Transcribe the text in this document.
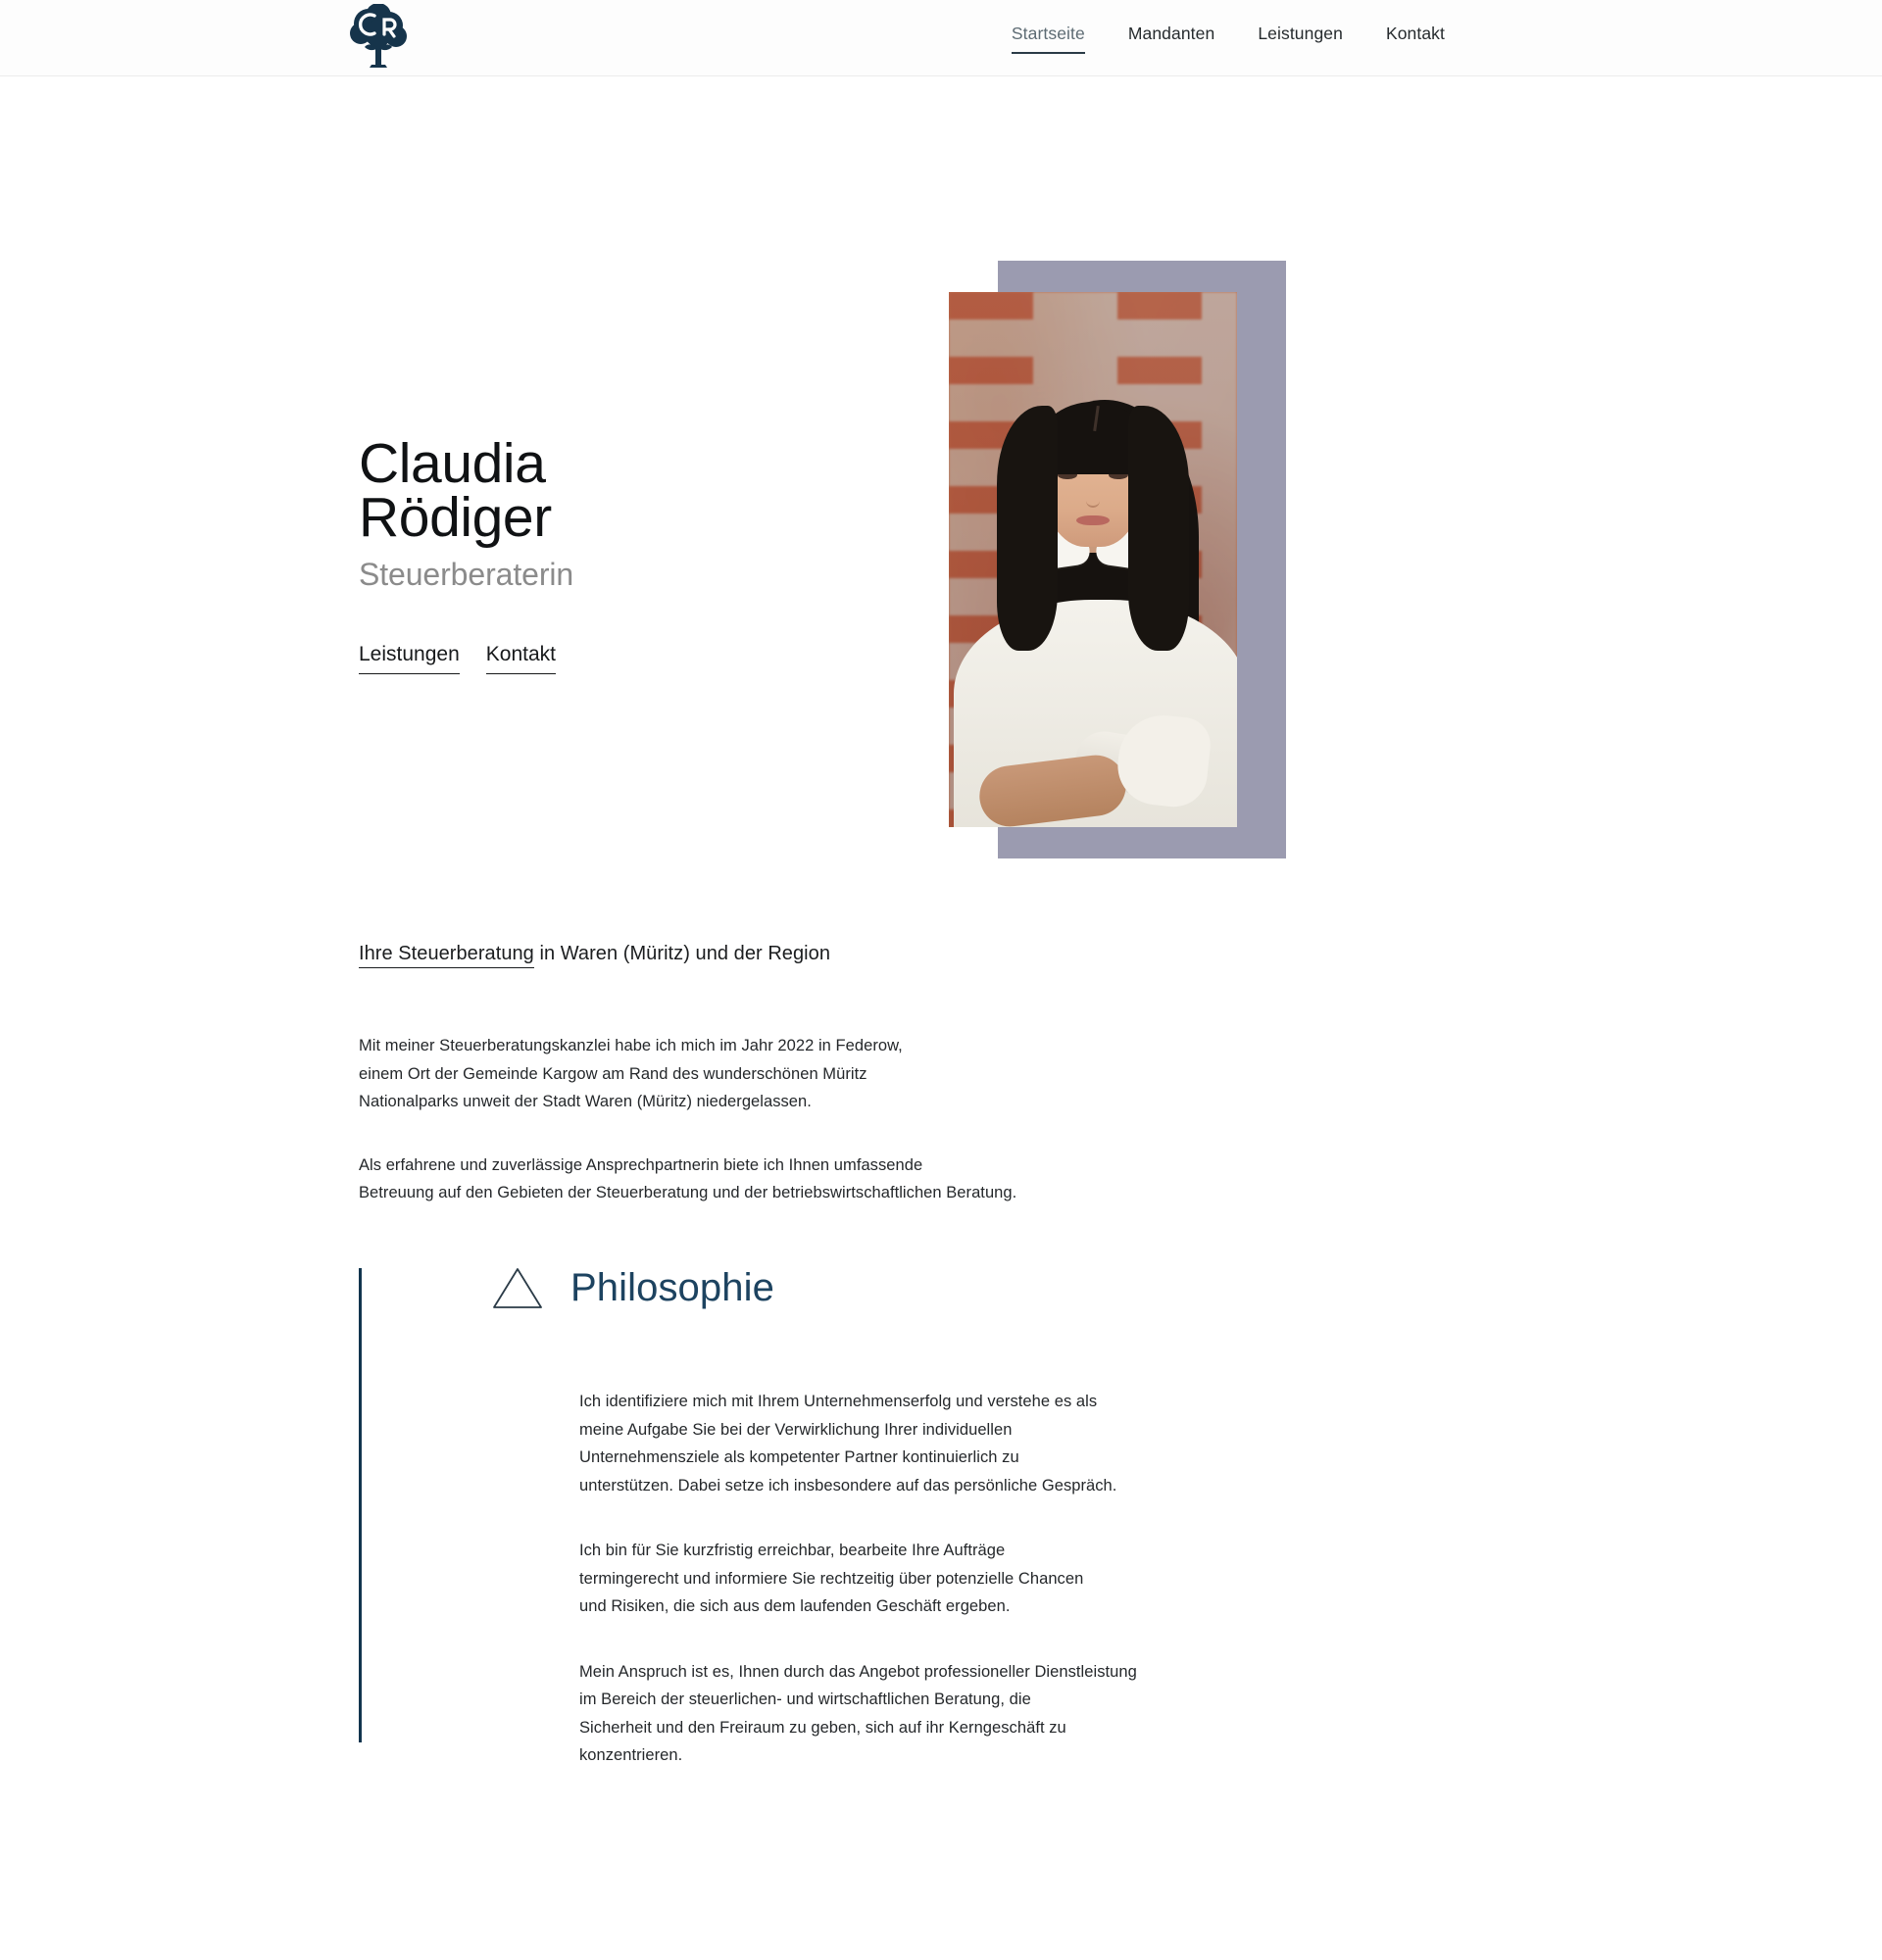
Startseite	Mandanten	Leistungen	Kontakt
Claudia
Rödiger

Steuerberaterin

Leistungen Kontakt
Ihre Steuerberatung in Waren (Müritz) und der Region

Mit meiner Steuerberatungskanzlei habe ich mich im Jahr 2022 in Federow,
einem Ort der Gemeinde Kargow am Rand des wunderschönen Müritz
Nationalparks unweit der Stadt Waren (Müritz) niedergelassen.

Als erfahrene und zuverlässige Ansprechpartnerin biete ich Ihnen umfassende
Betreuung auf den Gebieten der Steuerberatung und der betriebswirtschaftlichen Beratung.

Philosophie

Ich identifiziere mich mit Ihrem Unternehmenserfolg und verstehe es als
meine Aufgabe Sie bei der Verwirklichung Ihrer individuellen
Unternehmensziele als kompetenter Partner kontinuierlich zu
unterstützen. Dabei setze ich insbesondere auf das persönliche Gespräch.

Ich bin für Sie kurzfristig erreichbar, bearbeite Ihre Aufträge
termingerecht und informiere Sie rechtzeitig über potenzielle Chancen
und Risiken, die sich aus dem laufenden Geschäft ergeben.

Mein Anspruch ist es, Ihnen durch das Angebot professioneller Dienstleistung
im Bereich der steuerlichen- und wirtschaftlichen Beratung, die
Sicherheit und den Freiraum zu geben, sich auf ihr Kerngeschäft zu
konzentrieren.
